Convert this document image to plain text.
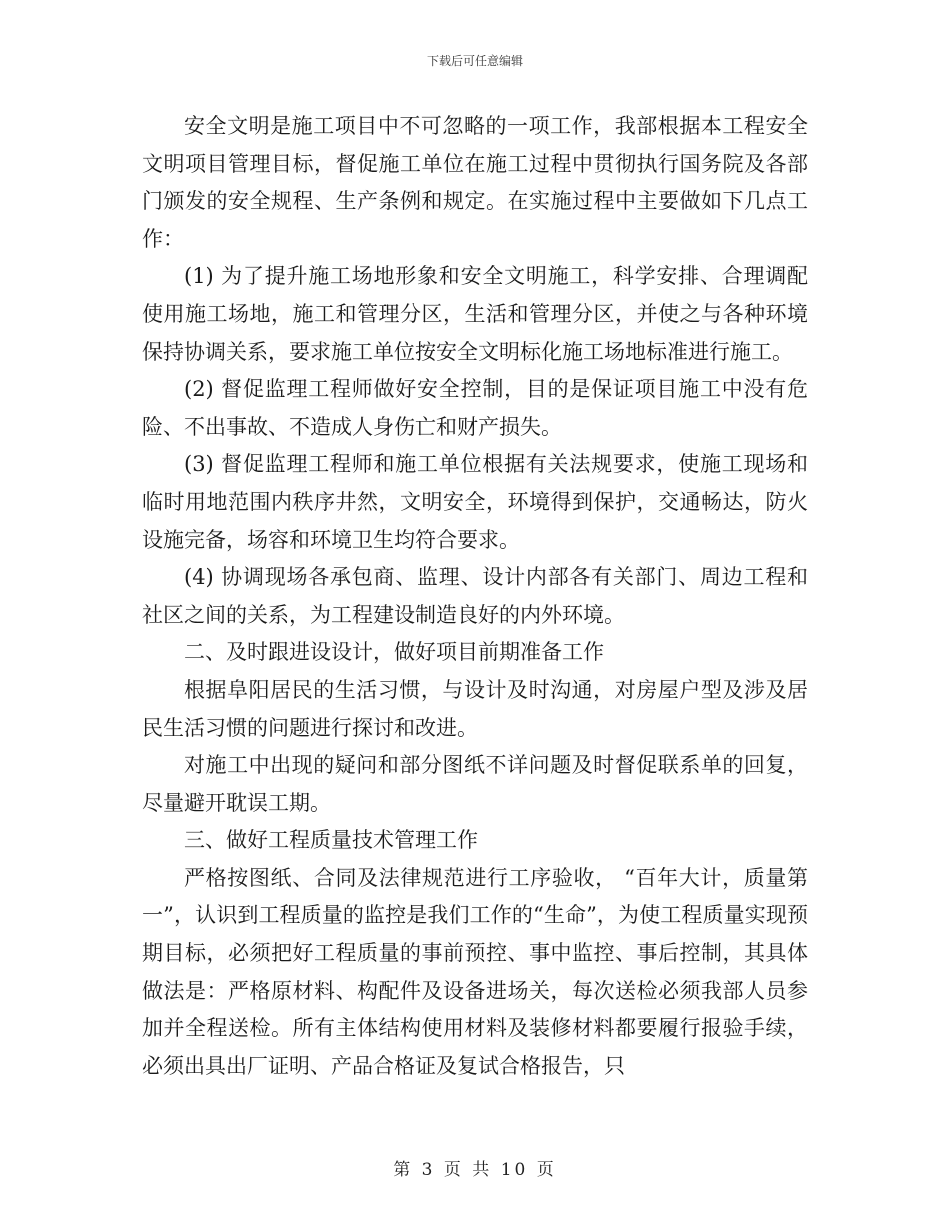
下载后可任意编辑

安全文明是施工项目中不可忽略的一项工作，我部根据本工程安全文明项目管理目标，督促施工单位在施工过程中贯彻执行国务院及各部门颁发的安全规程、生产条例和规定。在实施过程中主要做如下几点工作：

(1) 为了提升施工场地形象和安全文明施工，科学安排、合理调配使用施工场地，施工和管理分区，生活和管理分区，并使之与各种环境保持协调关系，要求施工单位按安全文明标化施工场地标准进行施工。

(2) 督促监理工程师做好安全控制，目的是保证项目施工中没有危险、不出事故、不造成人身伤亡和财产损失。

(3) 督促监理工程师和施工单位根据有关法规要求，使施工现场和临时用地范围内秩序井然，文明安全，环境得到保护，交通畅达，防火设施完备，场容和环境卫生均符合要求。

(4) 协调现场各承包商、监理、设计内部各有关部门、周边工程和社区之间的关系，为工程建设制造良好的内外环境。

二、及时跟进设设计，做好项目前期准备工作

根据阜阳居民的生活习惯，与设计及时沟通，对房屋户型及涉及居民生活习惯的问题进行探讨和改进。

对施工中出现的疑问和部分图纸不详问题及时督促联系单的回复，尽量避开耽误工期。

三、做好工程质量技术管理工作

严格按图纸、合同及法律规范进行工序验收， “百年大计，质量第一”，认识到工程质量的监控是我们工作的“生命”，为使工程质量实现预期目标，必须把好工程质量的事前预控、事中监控、事后控制，其具体做法是：严格原材料、构配件及设备进场关，每次送检必须我部人员参加并全程送检。所有主体结构使用材料及装修材料都要履行报验手续，必须出具出厂证明、产品合格证及复试合格报告，只

第 3 页 共 10 页
